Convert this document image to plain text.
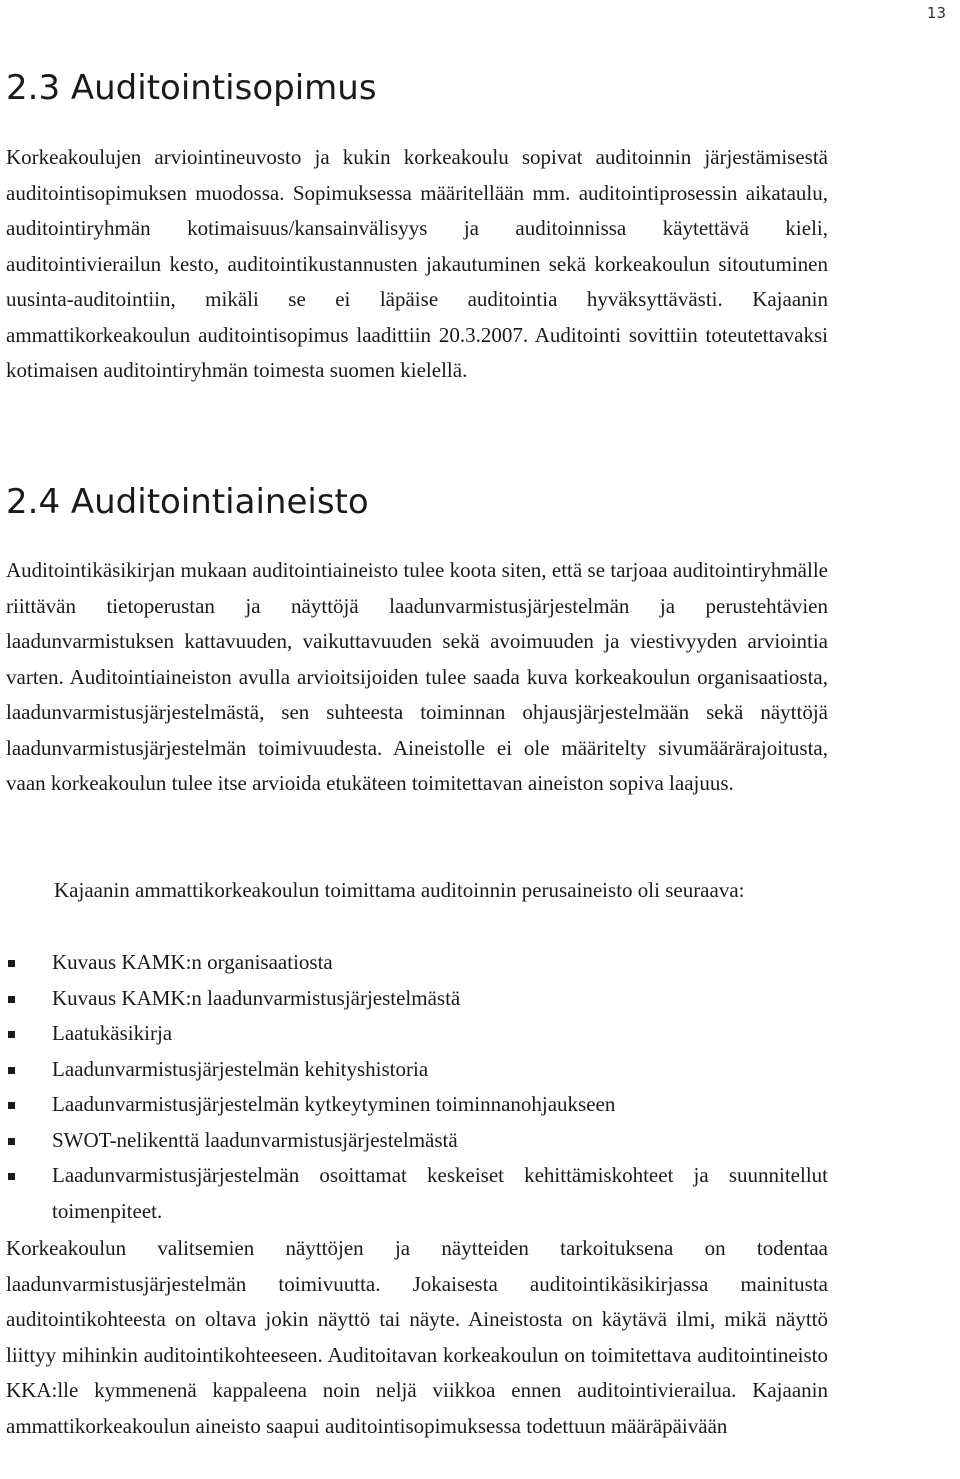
13
2.3 Auditointisopimus

Korkeakoulujen arviointineuvosto ja kukin korkeakoulu sopivat auditoinnin järjestämisestä auditointisopimuksen muodossa. Sopimuksessa määritellään mm. auditointiprosessin aikataulu, auditointiryhmän kotimaisuus/kansainvälisyys ja auditoinnissa käytettävä kieli, auditointivierailun kesto, auditointikustannusten jakautuminen sekä korkeakoulun sitoutuminen uusinta-auditointiin, mikäli se ei läpäise auditointia hyväksyttävästi. Kajaanin ammattikorkeakoulun auditointisopimus laadittiin 20.3.2007. Auditointi sovittiin toteutettavaksi kotimaisen auditointiryhmän toimesta suomen kielellä.

2.4 Auditointiaineisto

Auditointikäsikirjan mukaan auditointiaineisto tulee koota siten, että se tarjoaa auditointiryhmälle riittävän tietoperustan ja näyttöjä laadunvarmistusjärjestelmän ja perustehtävien laadunvarmistuksen kattavuuden, vaikuttavuuden sekä avoimuuden ja viestivyyden arviointia varten. Auditointiaineiston avulla arvioitsijoiden tulee saada kuva korkeakoulun organisaatiosta, laadunvarmistusjärjestelmästä, sen suhteesta toiminnan ohjausjärjestelmään sekä näyttöjä laadunvarmistusjärjestelmän toimivuudesta. Aineistolle ei ole määritelty sivumäärärajoitusta, vaan korkeakoulun tulee itse arvioida etukäteen toimitettavan aineiston sopiva laajuus.

Kajaanin ammattikorkeakoulun toimittama auditoinnin perusaineisto oli seuraava:

Kuvaus KAMK:n organisaatiosta
Kuvaus KAMK:n laadunvarmistusjärjestelmästä
Laatukäsikirja
Laadunvarmistusjärjestelmän kehityshistoria
Laadunvarmistusjärjestelmän kytkeytyminen toiminnanohjaukseen
SWOT-nelikenttä laadunvarmistusjärjestelmästä
Laadunvarmistusjärjestelmän osoittamat keskeiset kehittämiskohteet ja suunnitellut toimenpiteet.

Korkeakoulun valitsemien näyttöjen ja näytteiden tarkoituksena on todentaa laadunvarmistusjärjestelmän toimivuutta. Jokaisesta auditointikäsikirjassa mainitusta auditointikohteesta on oltava jokin näyttö tai näyte. Aineistosta on käytävä ilmi, mikä näyttö liittyy mihinkin auditointikohteeseen. Auditoitavan korkeakoulun on toimitettava auditointineisto KKA:lle kymmenenä kappaleena noin neljä viikkoa ennen auditointivierailua. Kajaanin ammattikorkeakoulun aineisto saapui auditointisopimuksessa todettuun määräpäivään
